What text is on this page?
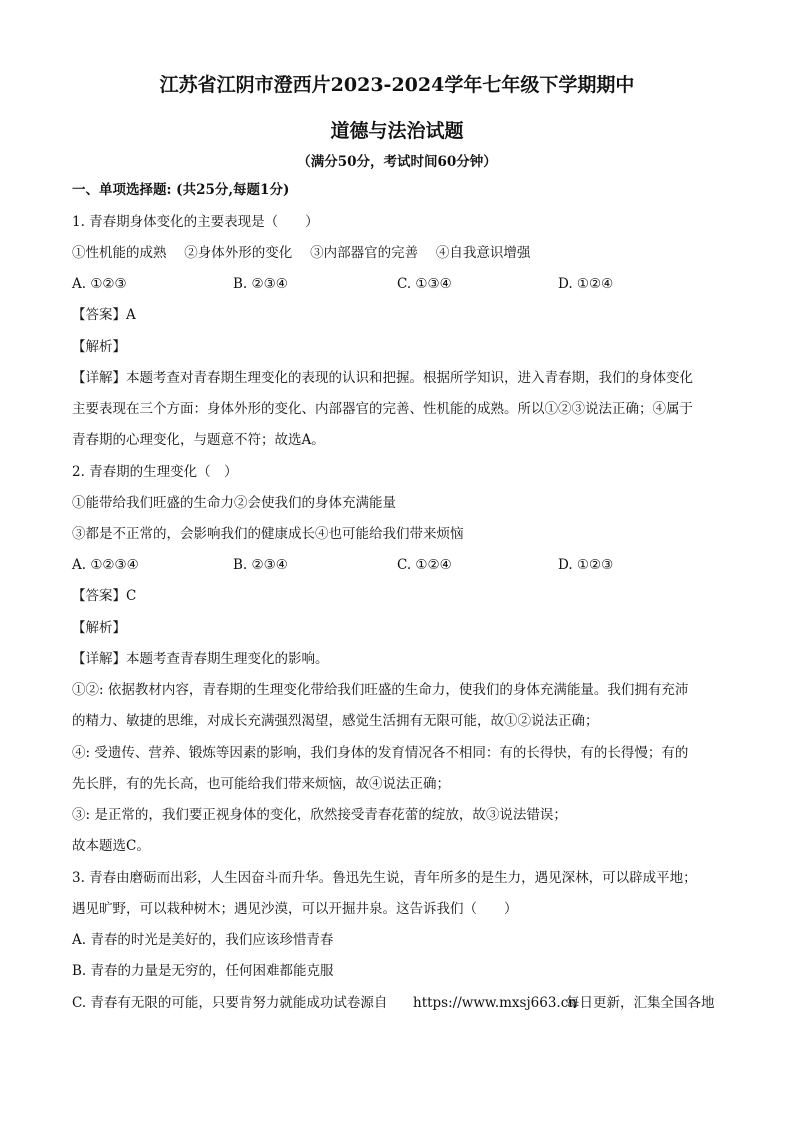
江苏省江阴市澄西片2023-2024学年七年级下学期期中
道德与法治试题
（满分50分，考试时间60分钟）
一、单项选择题: (共25分,每题1分)
1. 青春期身体变化的主要表现是（　　）
①性机能的成熟　 ②身体外形的变化　 ③内部器官的完善　 ④自我意识增强
A. ①②③	B. ②③④	C. ①③④	D. ①②④
【答案】A
【解析】
【详解】本题考查对青春期生理变化的表现的认识和把握。根据所学知识，进入青春期，我们的身体变化
主要表现在三个方面：身体外形的变化、内部器官的完善、性机能的成熟。所以①②③说法正确；④属于
青春期的心理变化，与题意不符；故选A。
2. 青春期的生理变化（　）
①能带给我们旺盛的生命力②会使我们的身体充满能量
③都是不正常的，会影响我们的健康成长④也可能给我们带来烦恼
A. ①②③④	B. ②③④	C. ①②④	D. ①②③
【答案】C
【解析】
【详解】本题考查青春期生理变化的影响。
①②: 依据教材内容，青春期的生理变化带给我们旺盛的生命力，使我们的身体充满能量。我们拥有充沛
的精力、敏捷的思维，对成长充满强烈渴望，感觉生活拥有无限可能，故①②说法正确；
④: 受遗传、营养、锻炼等因素的影响，我们身体的发育情况各不相同：有的长得快，有的长得慢；有的
先长胖，有的先长高，也可能给我们带来烦恼，故④说法正确；
③: 是正常的，我们要正视身体的变化，欣然接受青春花蕾的绽放，故③说法错误；
故本题选C。
3. 青春由磨砺而出彩，人生因奋斗而升华。鲁迅先生说，青年所多的是生力，遇见深林，可以辟成平地；
遇见旷野，可以栽种树木；遇见沙漠，可以开掘井泉。这告诉我们（　　）
A. 青春的时光是美好的，我们应该珍惜青春
B. 青春的力量是无穷的，任何困难都能克服
C. 青春有无限的可能，只要肯努力就能成功试卷源自 https://www.mxsj663.cn
每日更新，汇集全国各地
